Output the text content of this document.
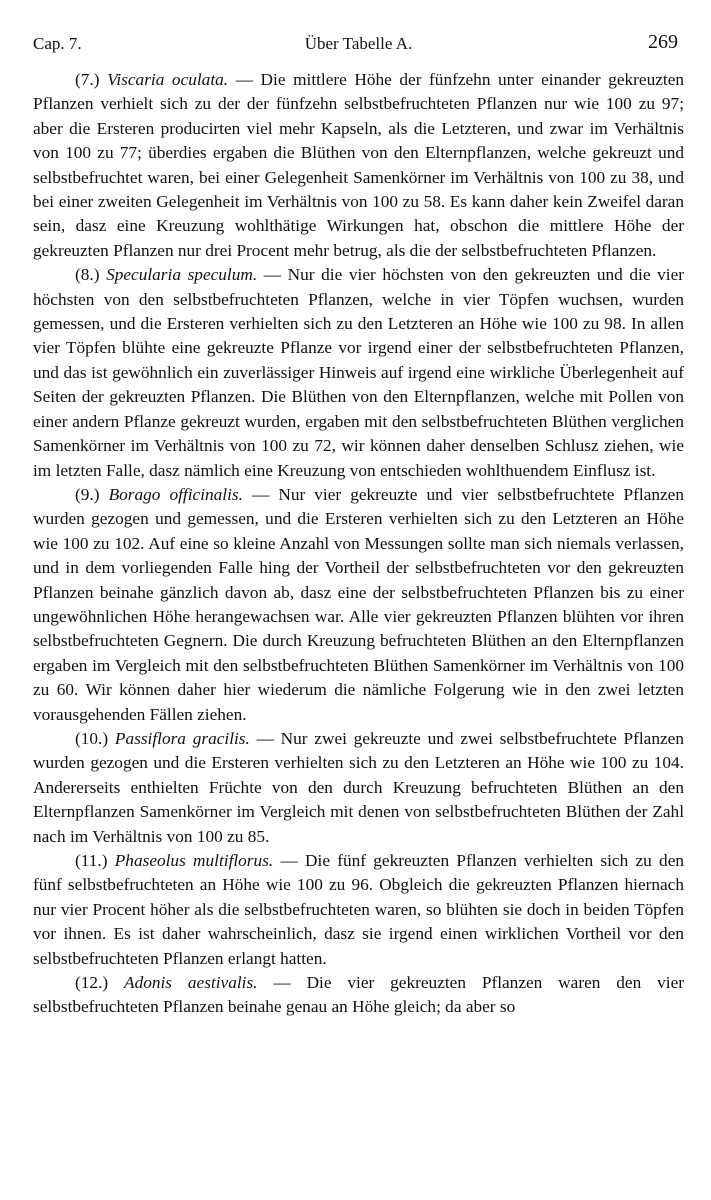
Cap. 7.	Über Tabelle A.	269

(7.) Viscaria oculata. — Die mittlere Höhe der fünfzehn unter einander gekreuzten Pflanzen verhielt sich zu der der fünfzehn selbstbefruchteten Pflanzen nur wie 100 zu 97; aber die Ersteren producirten viel mehr Kapseln, als die Letzteren, und zwar im Verhältnis von 100 zu 77; überdies ergaben die Blüthen von den Elternpflanzen, welche gekreuzt und selbstbefruchtet waren, bei einer Gelegenheit Samenkörner im Verhältnis von 100 zu 38, und bei einer zweiten Gelegenheit im Verhältnis von 100 zu 58. Es kann daher kein Zweifel daran sein, dasz eine Kreuzung wohlthätige Wirkungen hat, obschon die mittlere Höhe der gekreuzten Pflanzen nur drei Procent mehr betrug, als die der selbstbefruchteten Pflanzen.

(8.) Specularia speculum. — Nur die vier höchsten von den gekreuzten und die vier höchsten von den selbstbefruchteten Pflanzen, welche in vier Töpfen wuchsen, wurden gemessen, und die Ersteren verhielten sich zu den Letzteren an Höhe wie 100 zu 98. In allen vier Töpfen blühte eine gekreuzte Pflanze vor irgend einer der selbstbefruchteten Pflanzen, und das ist gewöhnlich ein zuverlässiger Hinweis auf irgend eine wirkliche Überlegenheit auf Seiten der gekreuzten Pflanzen. Die Blüthen von den Elternpflanzen, welche mit Pollen von einer andern Pflanze gekreuzt wurden, ergaben mit den selbstbefruchteten Blüthen verglichen Samenkörner im Verhältnis von 100 zu 72, wir können daher denselben Schlusz ziehen, wie im letzten Falle, dasz nämlich eine Kreuzung von entschieden wohlthuendem Einflusz ist.

(9.) Borago officinalis. — Nur vier gekreuzte und vier selbstbefruchtete Pflanzen wurden gezogen und gemessen, und die Ersteren verhielten sich zu den Letzteren an Höhe wie 100 zu 102. Auf eine so kleine Anzahl von Messungen sollte man sich niemals verlassen, und in dem vorliegenden Falle hing der Vortheil der selbstbefruchteten vor den gekreuzten Pflanzen beinahe gänzlich davon ab, dasz eine der selbstbefruchteten Pflanzen bis zu einer ungewöhnlichen Höhe herangewachsen war. Alle vier gekreuzten Pflanzen blühten vor ihren selbstbefruchteten Gegnern. Die durch Kreuzung befruchteten Blüthen an den Elternpflanzen ergaben im Vergleich mit den selbstbefruchteten Blüthen Samenkörner im Verhältnis von 100 zu 60. Wir können daher hier wiederum die nämliche Folgerung wie in den zwei letzten vorausgehenden Fällen ziehen.

(10.) Passiflora gracilis. — Nur zwei gekreuzte und zwei selbstbefruchtete Pflanzen wurden gezogen und die Ersteren verhielten sich zu den Letzteren an Höhe wie 100 zu 104. Andererseits enthielten Früchte von den durch Kreuzung befruchteten Blüthen an den Elternpflanzen Samenkörner im Vergleich mit denen von selbstbefruchteten Blüthen der Zahl nach im Verhältnis von 100 zu 85.

(11.) Phaseolus multiflorus. — Die fünf gekreuzten Pflanzen verhielten sich zu den fünf selbstbefruchteten an Höhe wie 100 zu 96. Obgleich die gekreuzten Pflanzen hiernach nur vier Procent höher als die selbstbefruchteten waren, so blühten sie doch in beiden Töpfen vor ihnen. Es ist daher wahrscheinlich, dasz sie irgend einen wirklichen Vortheil vor den selbstbefruchteten Pflanzen erlangt hatten.

(12.) Adonis aestivalis. — Die vier gekreuzten Pflanzen waren den vier selbstbefruchteten Pflanzen beinahe genau an Höhe gleich; da aber so
